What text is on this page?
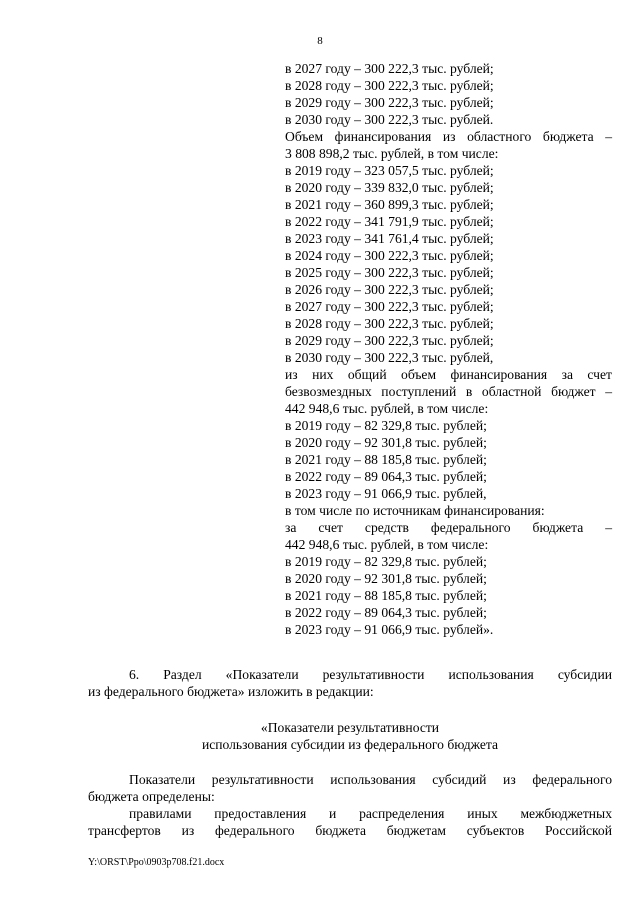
8
в 2027 году – 300 222,3 тыс. рублей;
в 2028 году – 300 222,3 тыс. рублей;
в 2029 году – 300 222,3 тыс. рублей;
в 2030 году – 300 222,3 тыс. рублей.
Объем финансирования из областного бюджета –
3 808 898,2 тыс. рублей, в том числе:
в 2019 году – 323 057,5 тыс. рублей;
в 2020 году – 339 832,0 тыс. рублей;
в 2021 году – 360 899,3 тыс. рублей;
в 2022 году – 341 791,9 тыс. рублей;
в 2023 году – 341 761,4 тыс. рублей;
в 2024 году – 300 222,3 тыс. рублей;
в 2025 году – 300 222,3 тыс. рублей;
в 2026 году – 300 222,3 тыс. рублей;
в 2027 году – 300 222,3 тыс. рублей;
в 2028 году – 300 222,3 тыс. рублей;
в 2029 году – 300 222,3 тыс. рублей;
в 2030 году – 300 222,3 тыс. рублей,
из них общий объем финансирования за счет
безвозмездных поступлений в областной бюджет –
442 948,6 тыс. рублей, в том числе:
в 2019 году – 82 329,8 тыс. рублей;
в 2020 году – 92 301,8 тыс. рублей;
в 2021 году – 88 185,8 тыс. рублей;
в 2022 году – 89 064,3 тыс. рублей;
в 2023 году – 91 066,9 тыс. рублей,
в том числе по источникам финансирования:
за счет средств федерального бюджета –
442 948,6 тыс. рублей, в том числе:
в 2019 году – 82 329,8 тыс. рублей;
в 2020 году – 92 301,8 тыс. рублей;
в 2021 году – 88 185,8 тыс. рублей;
в 2022 году – 89 064,3 тыс. рублей;
в 2023 году – 91 066,9 тыс. рублей».
6. Раздел «Показатели результативности использования субсидии
из федерального бюджета» изложить в редакции:
«Показатели результативности
использования субсидии из федерального бюджета
Показатели результативности использования субсидий из федерального
бюджета определены:
правилами предоставления и распределения иных межбюджетных
трансфертов из федерального бюджета бюджетам субъектов Российской
Y:\ORST\Ppo\0903p708.f21.docx
